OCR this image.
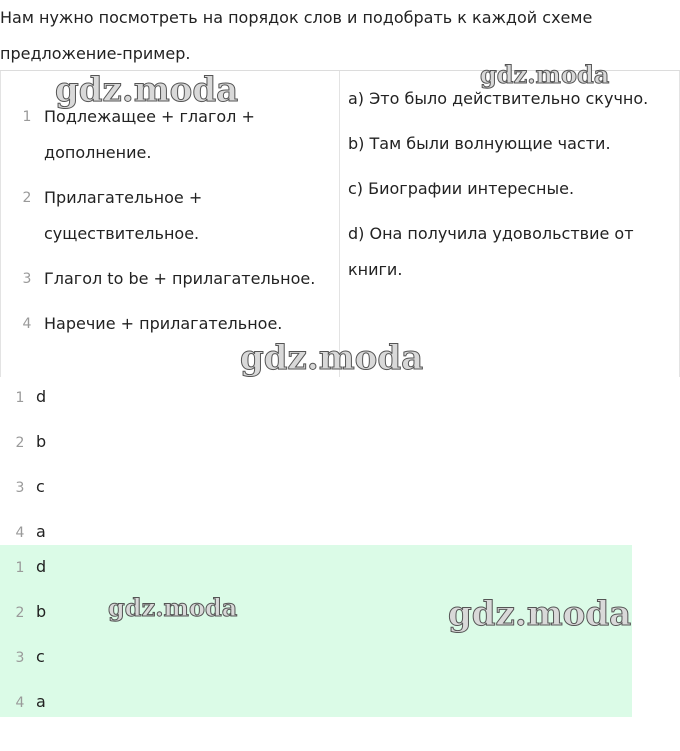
Нам нужно посмотреть на порядок слов и подобрать к каждой схеме предложение-пример.
1 Подлежащее + глагол + дополнение.
2 Прилагательное + существительное.
3 Глагол to be + прилагательное.
4 Наречие + прилагательное.
a) Это было действительно скучно.
b) Там были волнующие части.
c) Биографии интересные.
d) Она получила удовольствие от книги.
1 d
2 b
3 c
4 a
1 d
2 b
3 c
4 a
gdz.moda	gdz.moda
gdz.moda
gdz.moda	gdz.moda
